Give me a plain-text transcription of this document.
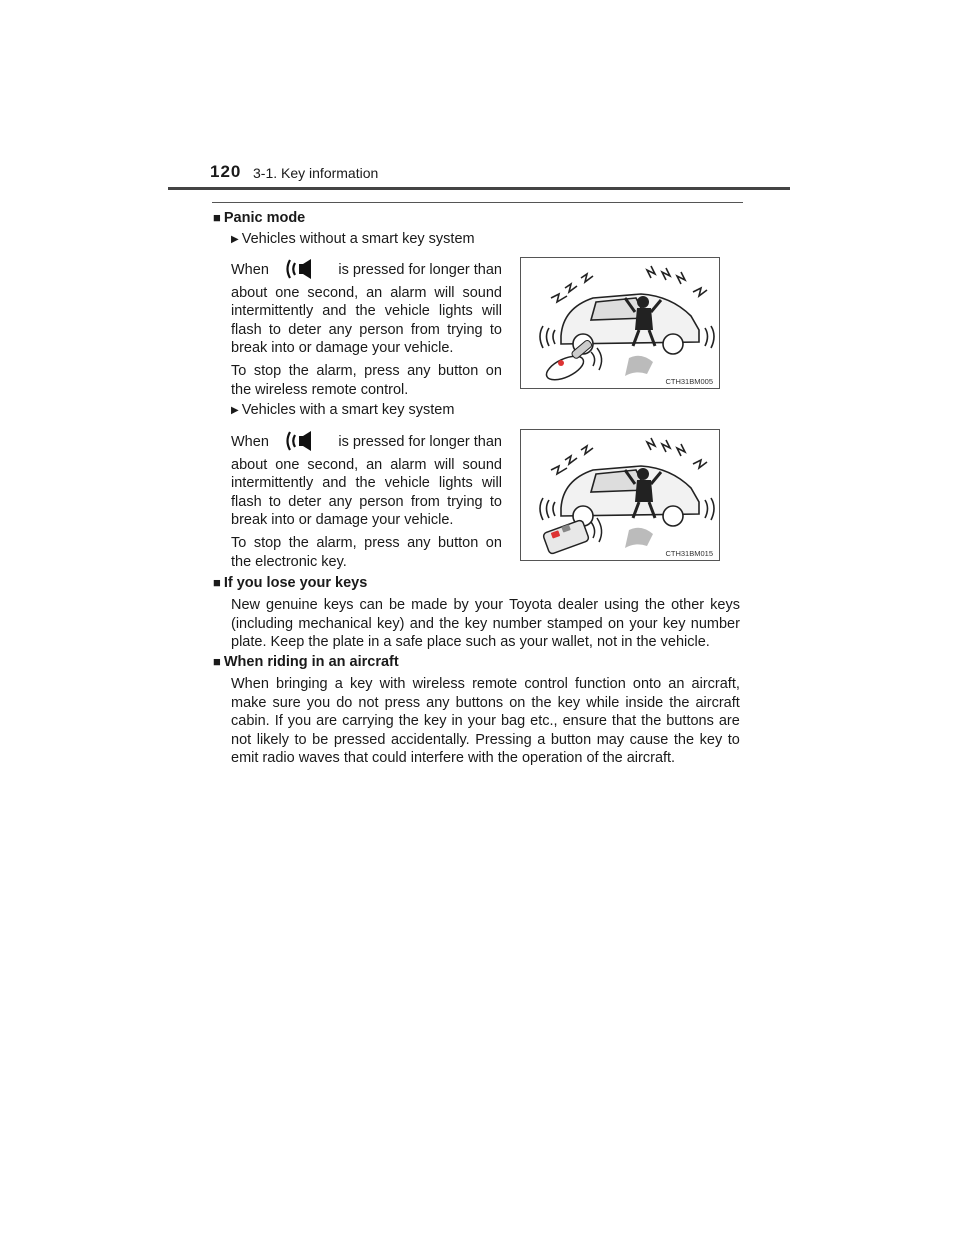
120 3-1. Key information
■ Panic mode
▶ Vehicles without a smart key system
When	is pressed for longer than
about one second, an alarm will sound
intermittently and the vehicle lights will
flash to deter any person from trying to
break into or damage your vehicle.
To stop the alarm, press any button on
the wireless remote control.
CTH31BM005
▶ Vehicles with a smart key system
When	is pressed for longer than
about one second, an alarm will sound
intermittently and the vehicle lights will
flash to deter any person from trying to
break into or damage your vehicle.
To stop the alarm, press any button on
the electronic key.
CTH31BM015
■ If you lose your keys
New genuine keys can be made by your Toyota dealer using the other keys
(including mechanical key) and the key number stamped on your key number
plate. Keep the plate in a safe place such as your wallet, not in the vehicle.
■ When riding in an aircraft
When bringing a key with wireless remote control function onto an aircraft,
make sure you do not press any buttons on the key while inside the aircraft
cabin. If you are carrying the key in your bag etc., ensure that the buttons are
not likely to be pressed accidentally. Pressing a button may cause the key to
emit radio waves that could interfere with the operation of the aircraft.
